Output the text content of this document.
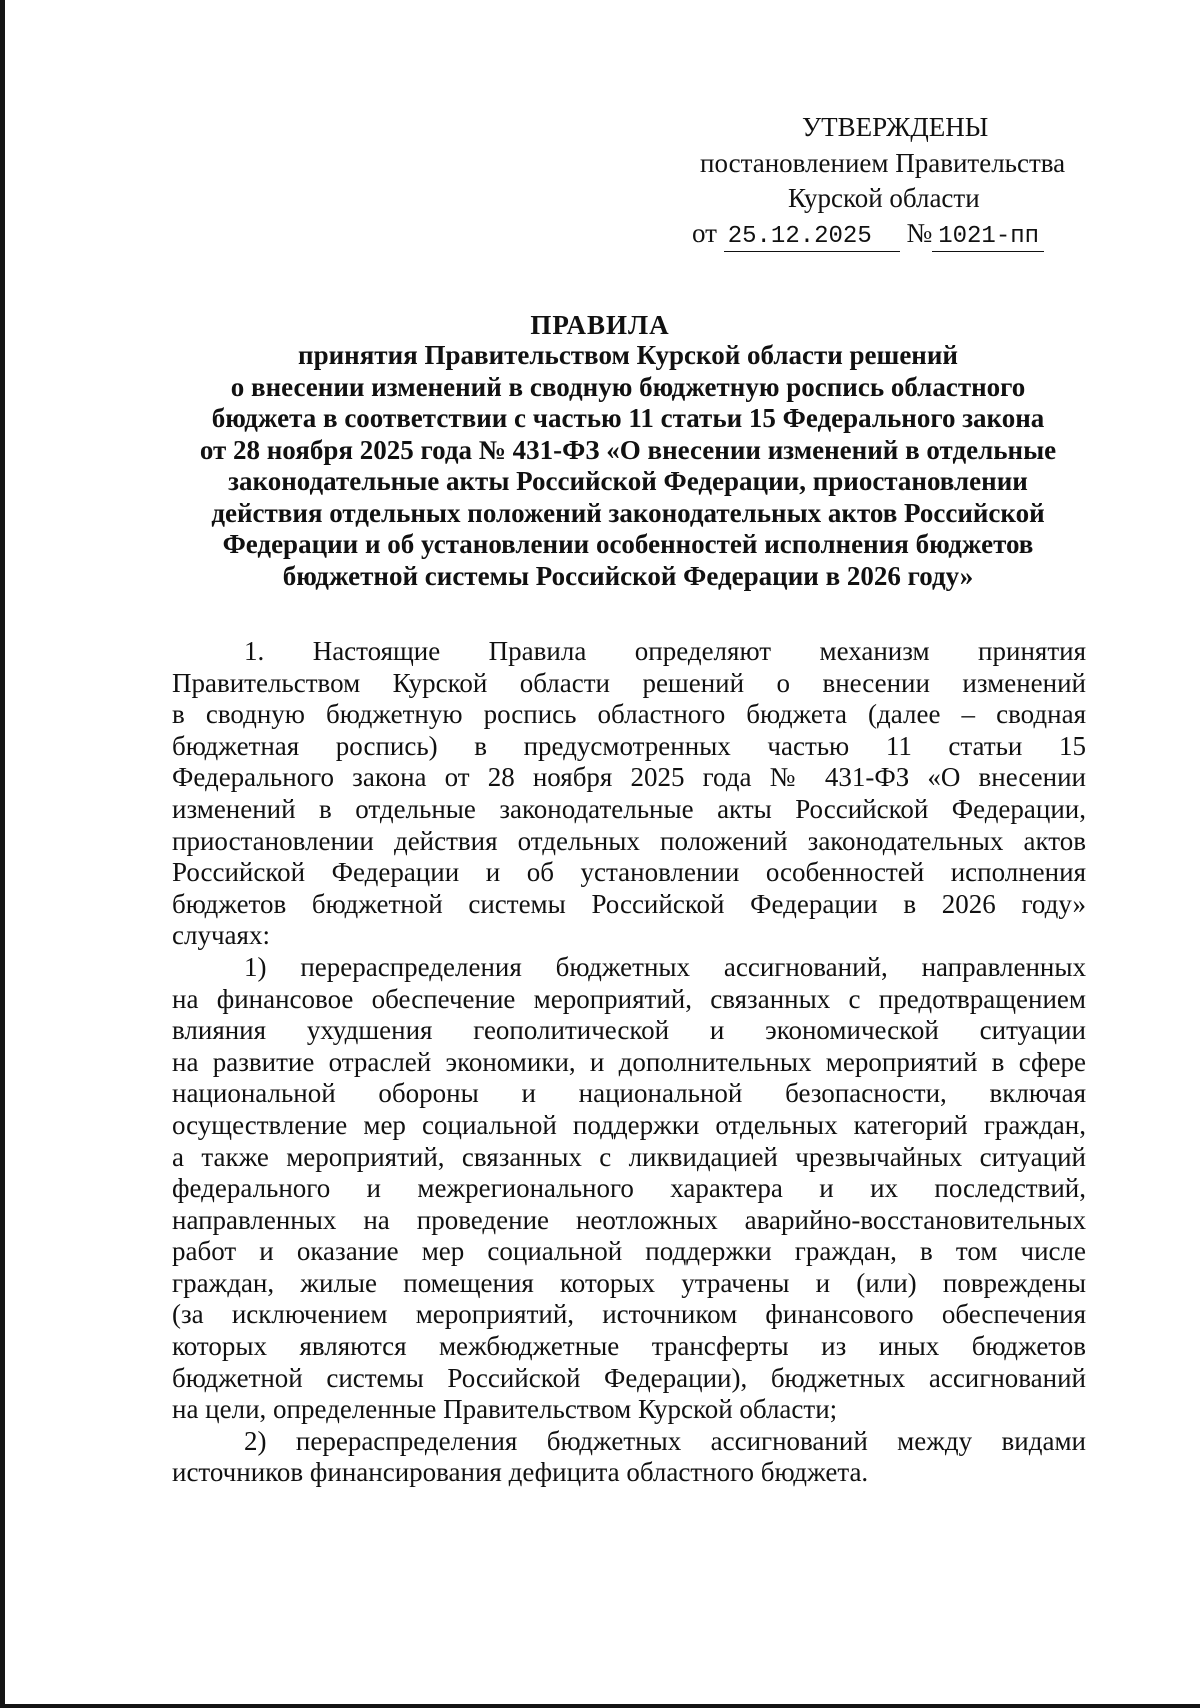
УТВЕРЖДЕНЫ
постановлением Правительства
Курской области
от 25.12.2025 № 1021-пп
ПРАВИЛА
принятия Правительством Курской области решений
о внесении изменений в сводную бюджетную роспись областного
бюджета в соответствии с частью 11 статьи 15 Федерального закона
от 28 ноября 2025 года № 431-ФЗ «О внесении изменений в отдельные
законодательные акты Российской Федерации, приостановлении
действия отдельных положений законодательных актов Российской
Федерации и об установлении особенностей исполнения бюджетов
бюджетной системы Российской Федерации в 2026 году»
1. Настоящие Правила определяют механизм принятия
Правительством Курской области решений о внесении изменений
в сводную бюджетную роспись областного бюджета (далее – сводная
бюджетная роспись) в предусмотренных частью 11 статьи 15
Федерального закона от 28 ноября 2025 года № 431-ФЗ «О внесении
изменений в отдельные законодательные акты Российской Федерации,
приостановлении действия отдельных положений законодательных актов
Российской Федерации и об установлении особенностей исполнения
бюджетов бюджетной системы Российской Федерации в 2026 году»
случаях:
1) перераспределения бюджетных ассигнований, направленных
на финансовое обеспечение мероприятий, связанных с предотвращением
влияния ухудшения геополитической и экономической ситуации
на развитие отраслей экономики, и дополнительных мероприятий в сфере
национальной обороны и национальной безопасности, включая
осуществление мер социальной поддержки отдельных категорий граждан,
а также мероприятий, связанных с ликвидацией чрезвычайных ситуаций
федерального и межрегионального характера и их последствий,
направленных на проведение неотложных аварийно-восстановительных
работ и оказание мер социальной поддержки граждан, в том числе
граждан, жилые помещения которых утрачены и (или) повреждены
(за исключением мероприятий, источником финансового обеспечения
которых являются межбюджетные трансферты из иных бюджетов
бюджетной системы Российской Федерации), бюджетных ассигнований
на цели, определенные Правительством Курской области;
2) перераспределения бюджетных ассигнований между видами
источников финансирования дефицита областного бюджета.
